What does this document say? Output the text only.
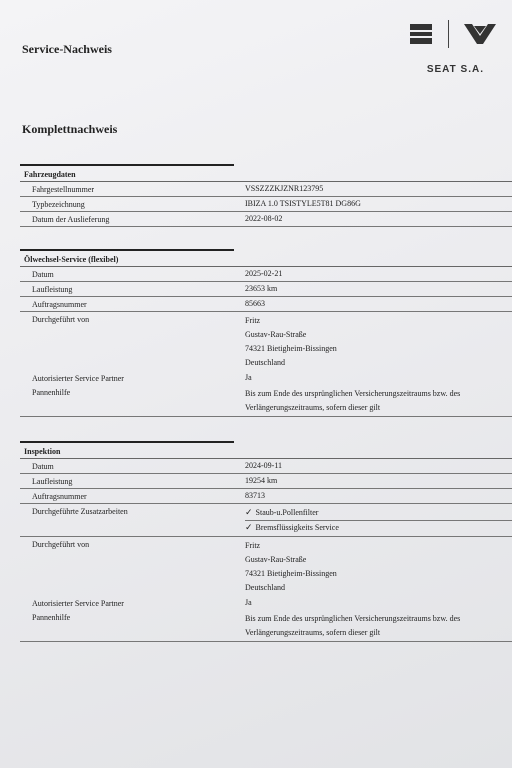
Service-Nachweis
SEAT S.A.
Komplettnachweis
Fahrzeugdaten
Fahrgestellnummer	VSSZZZKJZNR123795
Typbezeichnung	IBIZA 1.0 TSISTYLE5T81 DG86G
Datum der Auslieferung	2022-08-02
Ölwechsel-Service (flexibel)
Datum	2025-02-21
Laufleistung	23653 km
Auftragsnummer	85663
Durchgeführt von	Fritz
Gustav-Rau-Straße
74321 Bietigheim-Bissingen
Deutschland
Autorisierter Service Partner	Ja
Pannenhilfe	Bis zum Ende des ursprünglichen Versicherungszeitraums bzw. des
Verlängerungszeitraums, sofern dieser gilt
Inspektion
Datum	2024-09-11
Laufleistung	19254 km
Auftragsnummer	83713
Durchgeführte Zusatzarbeiten	✓ Staub-u.Pollenfilter
✓ Bremsflüssigkeits Service
Durchgeführt von	Fritz
Gustav-Rau-Straße
74321 Bietigheim-Bissingen
Deutschland
Autorisierter Service Partner	Ja
Pannenhilfe	Bis zum Ende des ursprünglichen Versicherungszeitraums bzw. des
Verlängerungszeitraums, sofern dieser gilt
